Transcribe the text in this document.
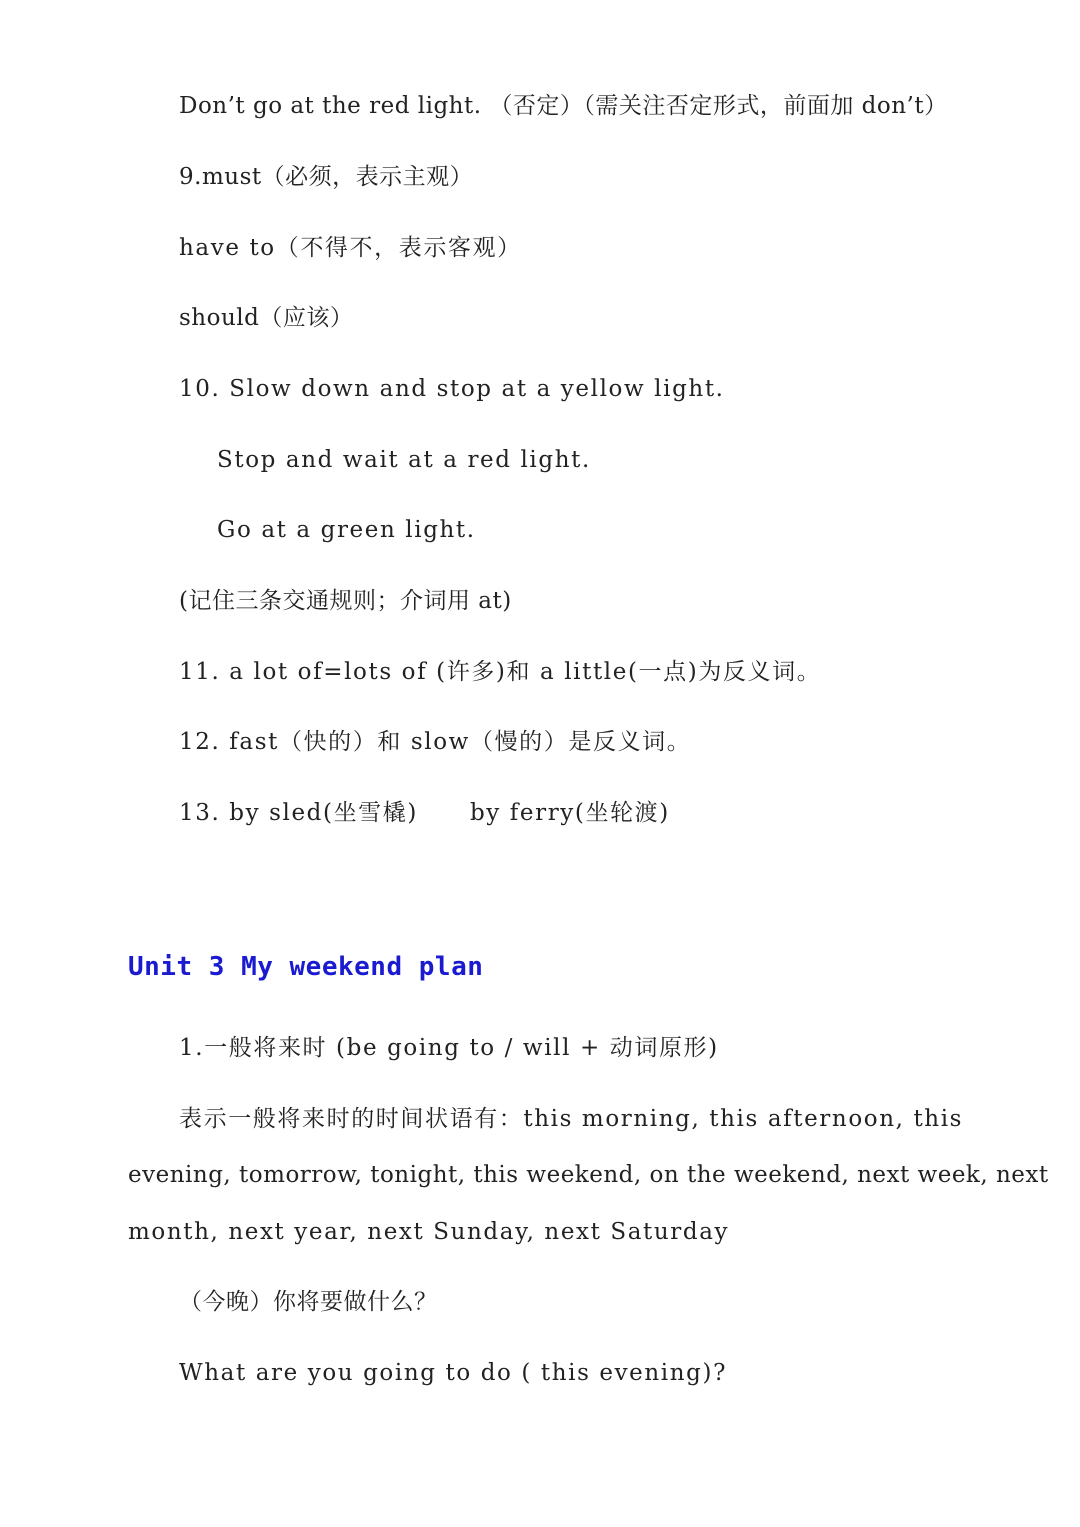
Don’t go at the red light. （否定）（需关注否定形式，前面加 don’t）
9.must（必须，表示主观）
have to（不得不，表示客观）
should（应该）
10. Slow down and stop at a yellow light.
Stop and wait at a red light.
Go at a green light.
(记住三条交通规则；介词用 at)
11. a lot of=lots of (许多)和 a little(一点)为反义词。
12. fast（快的）和 slow（慢的）是反义词。
13. by sled(坐雪橇) by ferry(坐轮渡)
Unit 3 My weekend plan
1.一般将来时 (be going to / will + 动词原形)
表示一般将来时的时间状语有：this morning, this afternoon, this
evening, tomorrow, tonight, this weekend, on the weekend, next week, next
month, next year, next Sunday, next Saturday
（今晚）你将要做什么？
What are you going to do ( this evening)?
